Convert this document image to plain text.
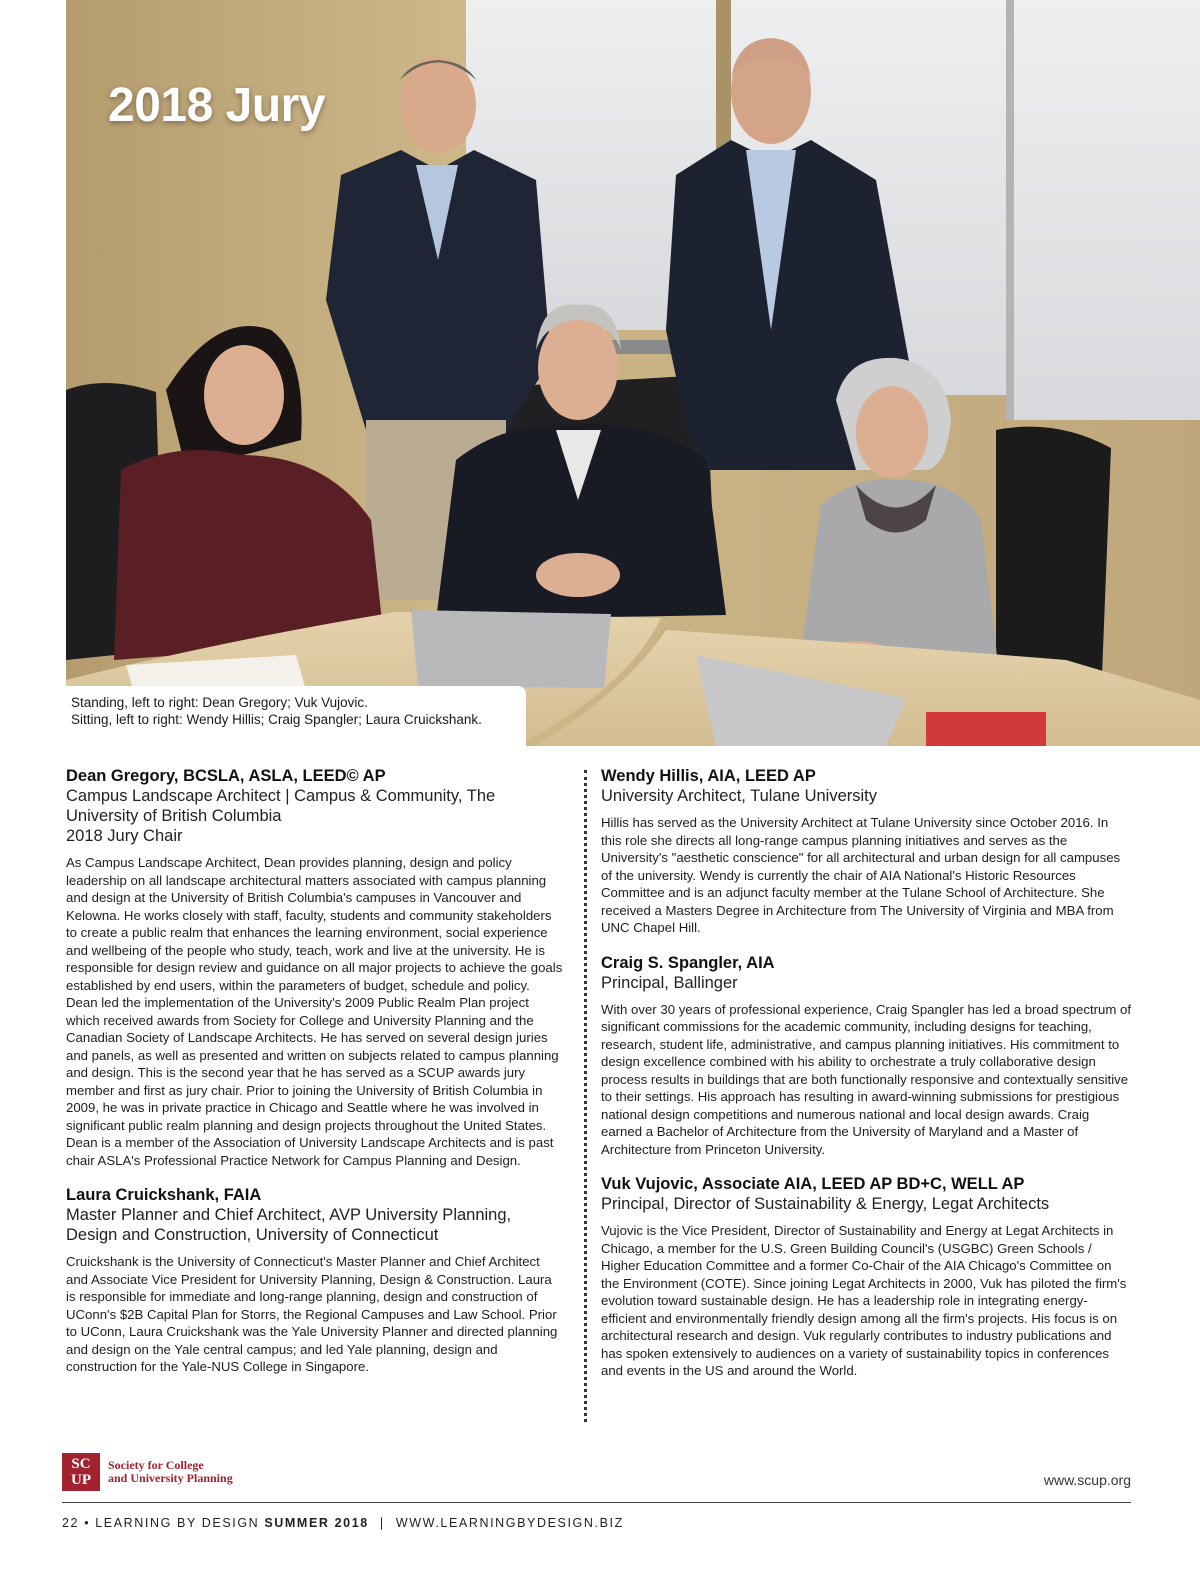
2018 Jury
Standing, left to right: Dean Gregory; Vuk Vujovic.
Sitting, left to right: Wendy Hillis; Craig Spangler; Laura Cruickshank.
Dean Gregory, BCSLA, ASLA, LEED© AP
Campus Landscape Architect | Campus & Community, The
University of British Columbia
2018 Jury Chair

As Campus Landscape Architect, Dean provides planning, design and policy leadership on all landscape architectural matters associated with campus planning and design at the University of British Columbia's campuses in Vancouver and Kelowna. He works closely with staff, faculty, students and community stakeholders to create a public realm that enhances the learning environment, social experience and wellbeing of the people who study, teach, work and live at the university. He is responsible for design review and guidance on all major projects to achieve the goals established by end users, within the parameters of budget, schedule and policy. Dean led the implementation of the University's 2009 Public Realm Plan project which received awards from Society for College and University Planning and the Canadian Society of Landscape Architects. He has served on several design juries and panels, as well as presented and written on subjects related to campus planning and design. This is the second year that he has served as a SCUP awards jury member and first as jury chair. Prior to joining the University of British Columbia in 2009, he was in private practice in Chicago and Seattle where he was involved in significant public realm planning and design projects throughout the United States. Dean is a member of the Association of University Landscape Architects and is past chair ASLA's Professional Practice Network for Campus Planning and Design.

Laura Cruickshank, FAIA
Master Planner and Chief Architect, AVP University Planning,
Design and Construction, University of Connecticut

Cruickshank is the University of Connecticut's Master Planner and Chief Architect and Associate Vice President for University Planning, Design & Construction. Laura is responsible for immediate and long-range planning, design and construction of UConn's $2B Capital Plan for Storrs, the Regional Campuses and Law School. Prior to UConn, Laura Cruickshank was the Yale University Planner and directed planning and design on the Yale central campus; and led Yale planning, design and construction for the Yale-NUS College in Singapore.

Wendy Hillis, AIA, LEED AP
University Architect, Tulane University

Hillis has served as the University Architect at Tulane University since October 2016. In this role she directs all long-range campus planning initiatives and serves as the University's "aesthetic conscience" for all architectural and urban design for all campuses of the university. Wendy is currently the chair of AIA National's Historic Resources Committee and is an adjunct faculty member at the Tulane School of Architecture. She received a Masters Degree in Architecture from The University of Virginia and MBA from UNC Chapel Hill.

Craig S. Spangler, AIA
Principal, Ballinger

With over 30 years of professional experience, Craig Spangler has led a broad spectrum of significant commissions for the academic community, including designs for teaching, research, student life, administrative, and campus planning initiatives. His commitment to design excellence combined with his ability to orchestrate a truly collaborative design process results in buildings that are both functionally responsive and contextually sensitive to their settings. His approach has resulting in award-winning submissions for prestigious national design competitions and numerous national and local design awards. Craig earned a Bachelor of Architecture from the University of Maryland and a Master of Architecture from Princeton University.

Vuk Vujovic, Associate AIA, LEED AP BD+C, WELL AP
Principal, Director of Sustainability & Energy, Legat Architects

Vujovic is the Vice President, Director of Sustainability and Energy at Legat Architects in Chicago, a member for the U.S. Green Building Council's (USGBC) Green Schools / Higher Education Committee and a former Co-Chair of the AIA Chicago's Committee on the Environment (COTE). Since joining Legat Architects in 2000, Vuk has piloted the firm's evolution toward sustainable design. He has a leadership role in integrating energy-efficient and environmentally friendly design among all the firm's projects. His focus is on architectural research and design. Vuk regularly contributes to industry publications and has spoken extensively to audiences on a variety of sustainability topics in conferences and events in the US and around the World.

SC
UP
Society for College
and University Planning	www.scup.org
22 • LEARNING BY DESIGN SUMMER 2018 | WWW.LEARNINGBYDESIGN.BIZ
